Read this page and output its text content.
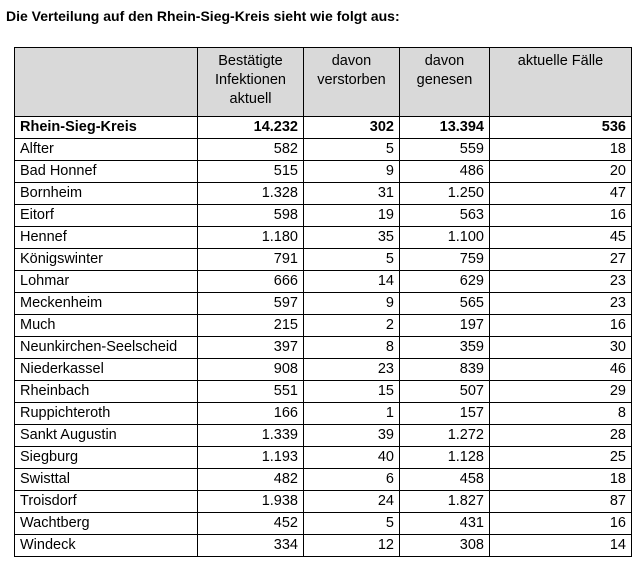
Die Verteilung auf den Rhein-Sieg-Kreis sieht wie folgt aus:
	Bestätigte Infektionen aktuell	davon verstorben	davon genesen	aktuelle Fälle
Rhein-Sieg-Kreis	14.232	302	13.394	536
Alfter	582	5	559	18
Bad Honnef	515	9	486	20
Bornheim	1.328	31	1.250	47
Eitorf	598	19	563	16
Hennef	1.180	35	1.100	45
Königswinter	791	5	759	27
Lohmar	666	14	629	23
Meckenheim	597	9	565	23
Much	215	2	197	16
Neunkirchen-Seelscheid	397	8	359	30
Niederkassel	908	23	839	46
Rheinbach	551	15	507	29
Ruppichteroth	166	1	157	8
Sankt Augustin	1.339	39	1.272	28
Siegburg	1.193	40	1.128	25
Swisttal	482	6	458	18
Troisdorf	1.938	24	1.827	87
Wachtberg	452	5	431	16
Windeck	334	12	308	14
